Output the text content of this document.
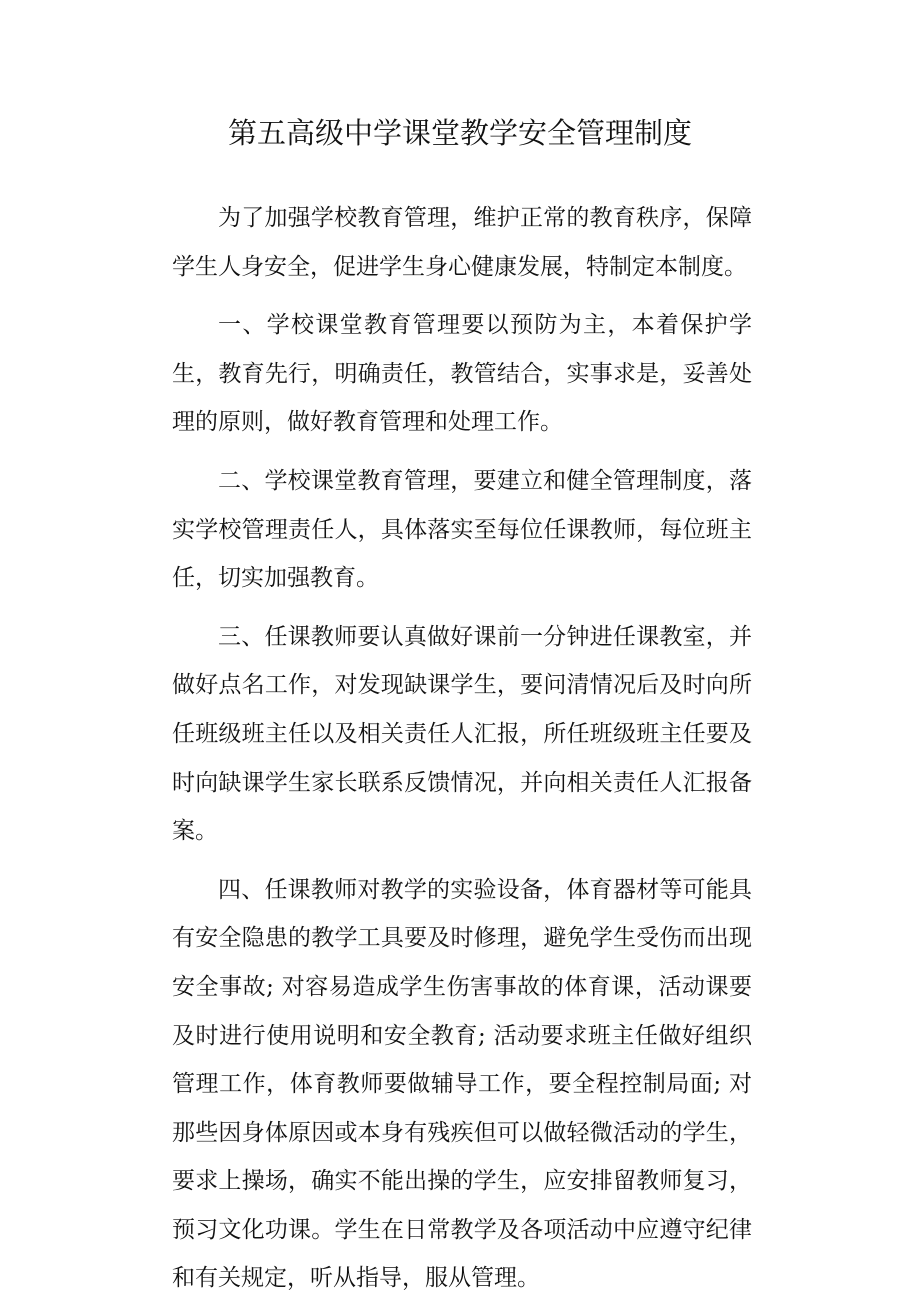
第五高级中学课堂教学安全管理制度

为了加强学校教育管理，维护正常的教育秩序，保障学生人身安全，促进学生身心健康发展，特制定本制度。

一、学校课堂教育管理要以预防为主，本着保护学生，教育先行，明确责任，教管结合，实事求是，妥善处理的原则，做好教育管理和处理工作。

二、学校课堂教育管理，要建立和健全管理制度，落实学校管理责任人，具体落实至每位任课教师，每位班主任，切实加强教育。

三、任课教师要认真做好课前一分钟进任课教室，并做好点名工作，对发现缺课学生，要问清情况后及时向所任班级班主任以及相关责任人汇报，所任班级班主任要及时向缺课学生家长联系反馈情况，并向相关责任人汇报备案。

四、任课教师对教学的实验设备，体育器材等可能具有安全隐患的教学工具要及时修理，避免学生受伤而出现安全事故; 对容易造成学生伤害事故的体育课，活动课要及时进行使用说明和安全教育; 活动要求班主任做好组织管理工作，体育教师要做辅导工作，要全程控制局面; 对那些因身体原因或本身有残疾但可以做轻微活动的学生，要求上操场，确实不能出操的学生，应安排留教师复习，预习文化功课。学生在日常教学及各项活动中应遵守纪律和有关规定，听从指导，服从管理。
